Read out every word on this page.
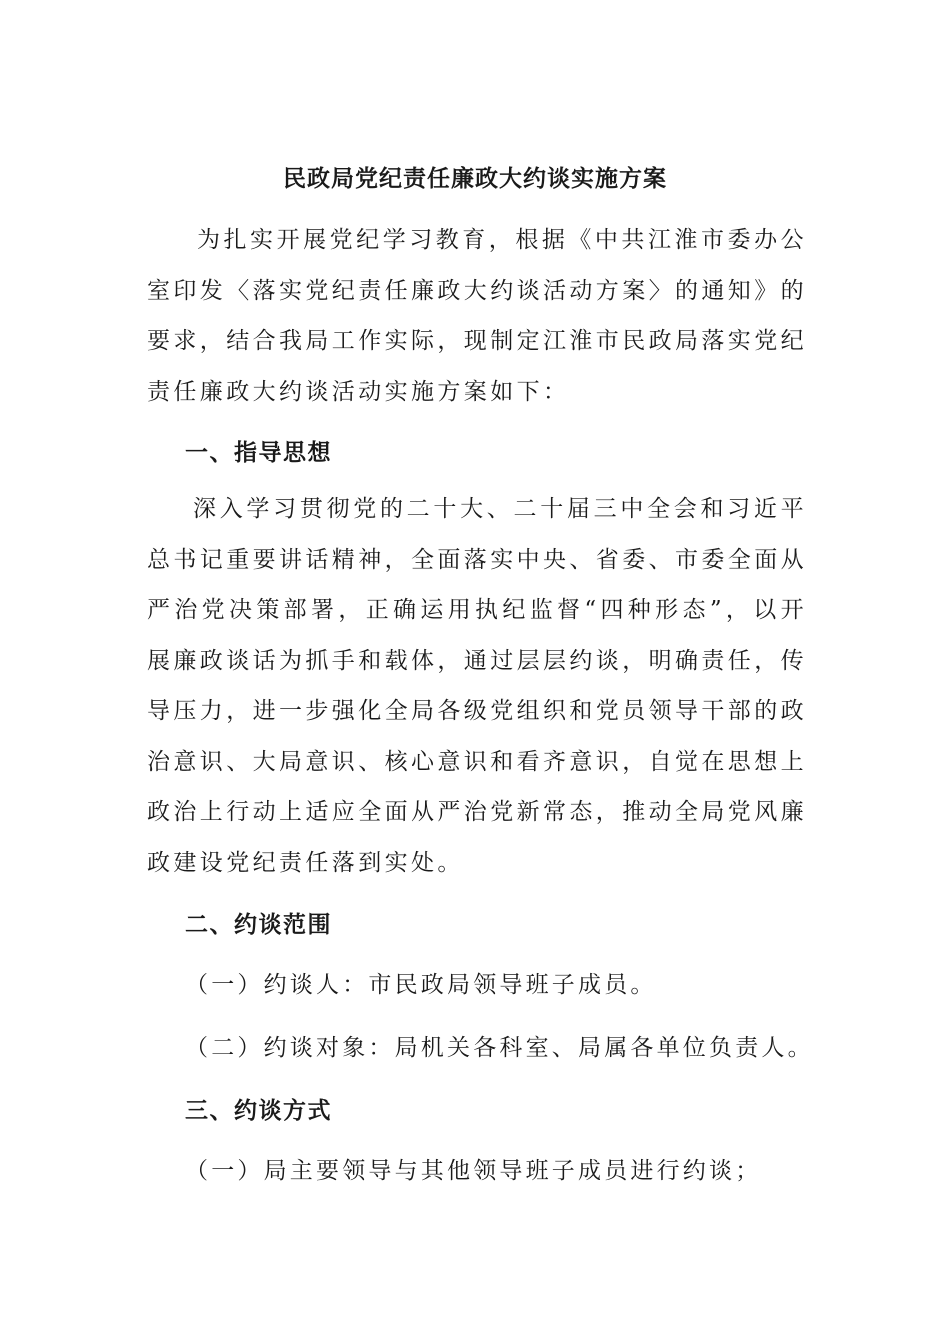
民政局党纪责任廉政大约谈实施方案

为扎实开展党纪学习教育，根据《中共江淮市委办公室印发〈落实党纪责任廉政大约谈活动方案〉的通知》的要求，结合我局工作实际，现制定江淮市民政局落实党纪责任廉政大约谈活动实施方案如下：

一、指导思想

深入学习贯彻党的二十大、二十届三中全会和习近平总书记重要讲话精神，全面落实中央、省委、市委全面从严治党决策部署，正确运用执纪监督“四种形态”，以开展廉政谈话为抓手和载体，通过层层约谈，明确责任，传导压力，进一步强化全局各级党组织和党员领导干部的政治意识、大局意识、核心意识和看齐意识，自觉在思想上政治上行动上适应全面从严治党新常态，推动全局党风廉政建设党纪责任落到实处。

二、约谈范围

（一）约谈人：市民政局领导班子成员。

（二）约谈对象：局机关各科室、局属各单位负责人。

三、约谈方式

（一）局主要领导与其他领导班子成员进行约谈；
